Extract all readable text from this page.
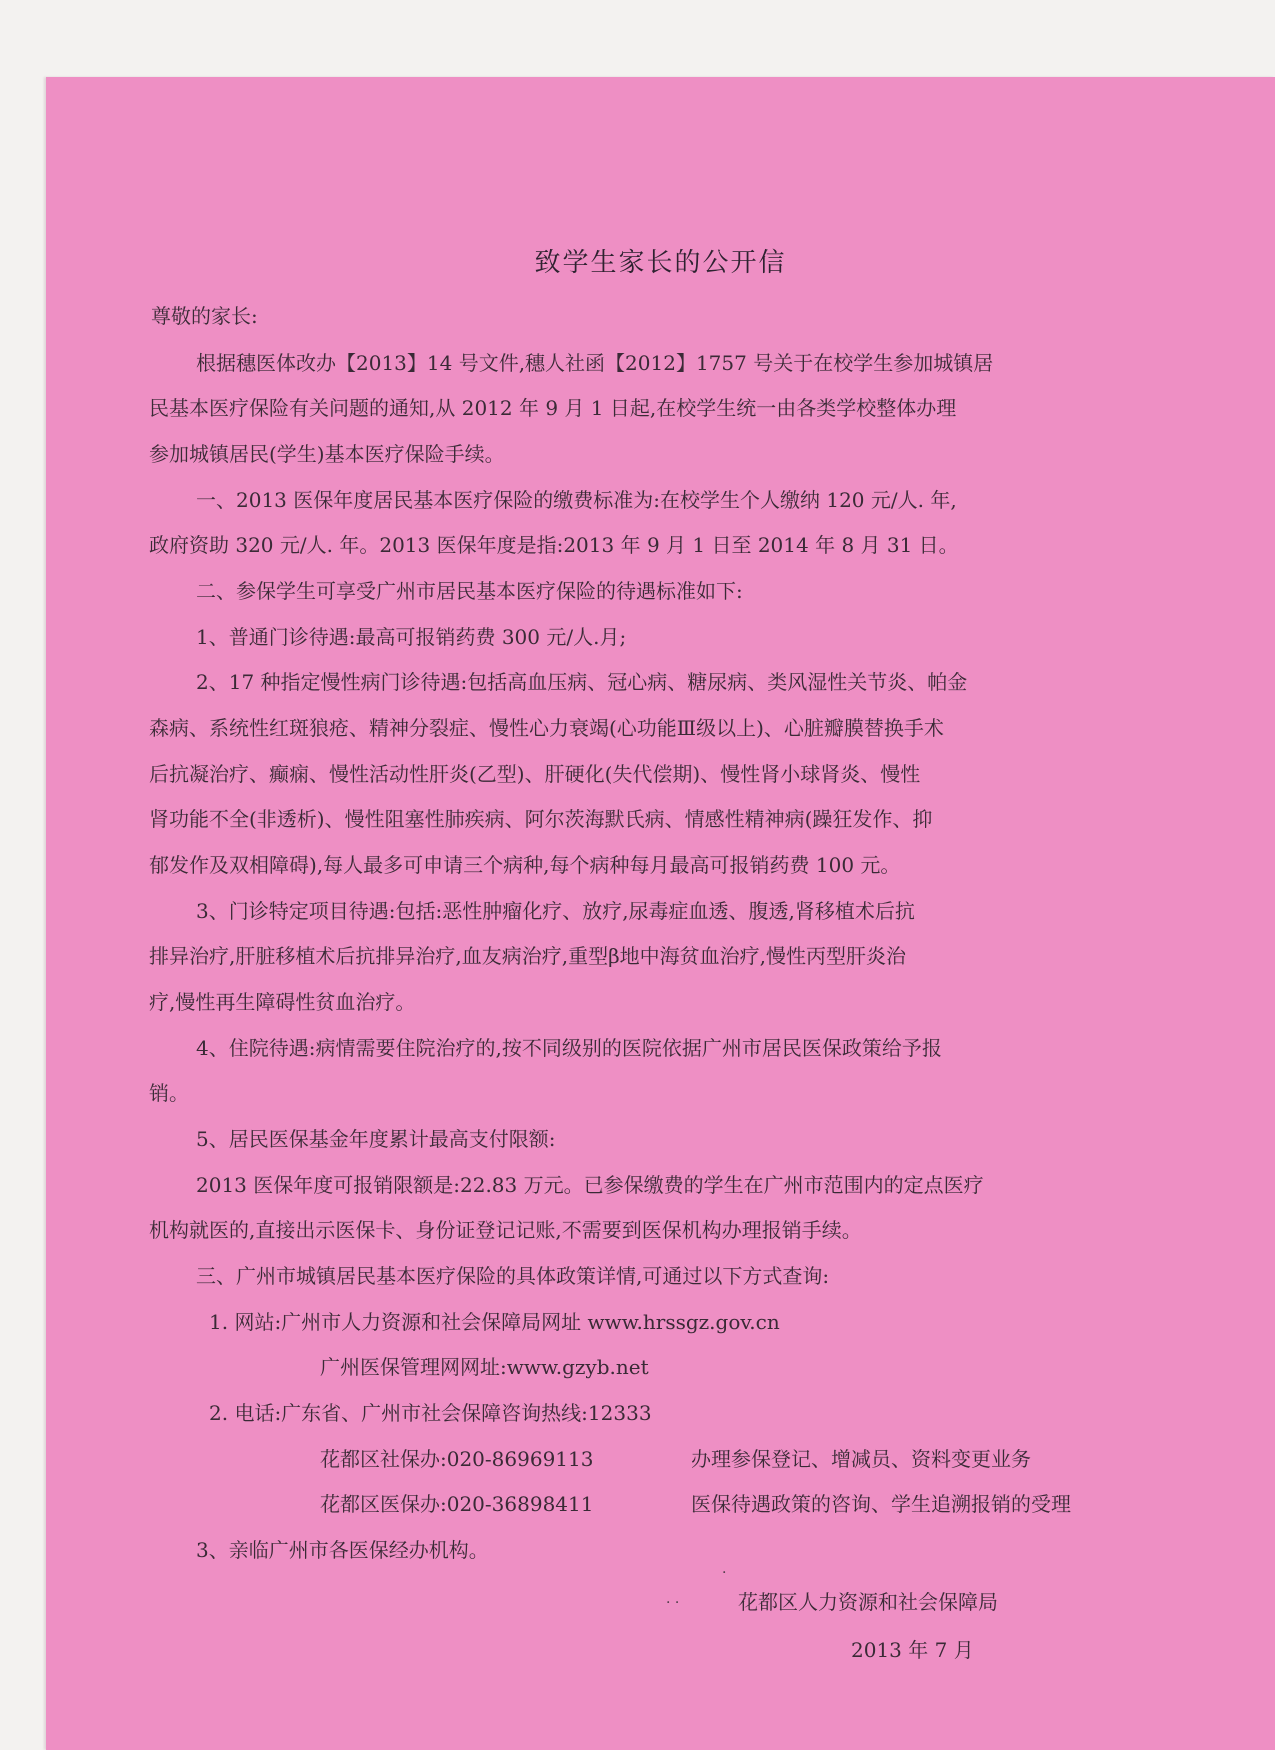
致学生家长的公开信
尊敬的家长:
根据穗医体改办【2013】14 号文件,穗人社函【2012】1757 号关于在校学生参加城镇居
民基本医疗保险有关问题的通知,从 2012 年 9 月 1 日起,在校学生统一由各类学校整体办理
参加城镇居民(学生)基本医疗保险手续。
一、2013 医保年度居民基本医疗保险的缴费标准为:在校学生个人缴纳 120 元/人. 年,
政府资助 320 元/人. 年。2013 医保年度是指:2013 年 9 月 1 日至 2014 年 8 月 31 日。
二、参保学生可享受广州市居民基本医疗保险的待遇标准如下:
1、普通门诊待遇:最高可报销药费 300 元/人.月;
2、17 种指定慢性病门诊待遇:包括高血压病、冠心病、糖尿病、类风湿性关节炎、帕金
森病、系统性红斑狼疮、精神分裂症、慢性心力衰竭(心功能Ⅲ级以上)、心脏瓣膜替换手术
后抗凝治疗、癫痫、慢性活动性肝炎(乙型)、肝硬化(失代偿期)、慢性肾小球肾炎、慢性
肾功能不全(非透析)、慢性阻塞性肺疾病、阿尔茨海默氏病、情感性精神病(躁狂发作、抑
郁发作及双相障碍),每人最多可申请三个病种,每个病种每月最高可报销药费 100 元。
3、门诊特定项目待遇:包括:恶性肿瘤化疗、放疗,尿毒症血透、腹透,肾移植术后抗
排异治疗,肝脏移植术后抗排异治疗,血友病治疗,重型β地中海贫血治疗,慢性丙型肝炎治
疗,慢性再生障碍性贫血治疗。
4、住院待遇:病情需要住院治疗的,按不同级别的医院依据广州市居民医保政策给予报
销。
5、居民医保基金年度累计最高支付限额:
2013 医保年度可报销限额是:22.83 万元。已参保缴费的学生在广州市范围内的定点医疗
机构就医的,直接出示医保卡、身份证登记记账,不需要到医保机构办理报销手续。
三、广州市城镇居民基本医疗保险的具体政策详情,可通过以下方式查询:
1. 网站:广州市人力资源和社会保障局网址 www.hrssgz.gov.cn
广州医保管理网网址:www.gzyb.net
2. 电话:广东省、广州市社会保障咨询热线:12333
花都区社保办:020-86969113	办理参保登记、增减员、资料变更业务
花都区医保办:020-36898411	医保待遇政策的咨询、学生追溯报销的受理
3、亲临广州市各医保经办机构。
花都区人力资源和社会保障局
2013 年 7 月
· ·
·
